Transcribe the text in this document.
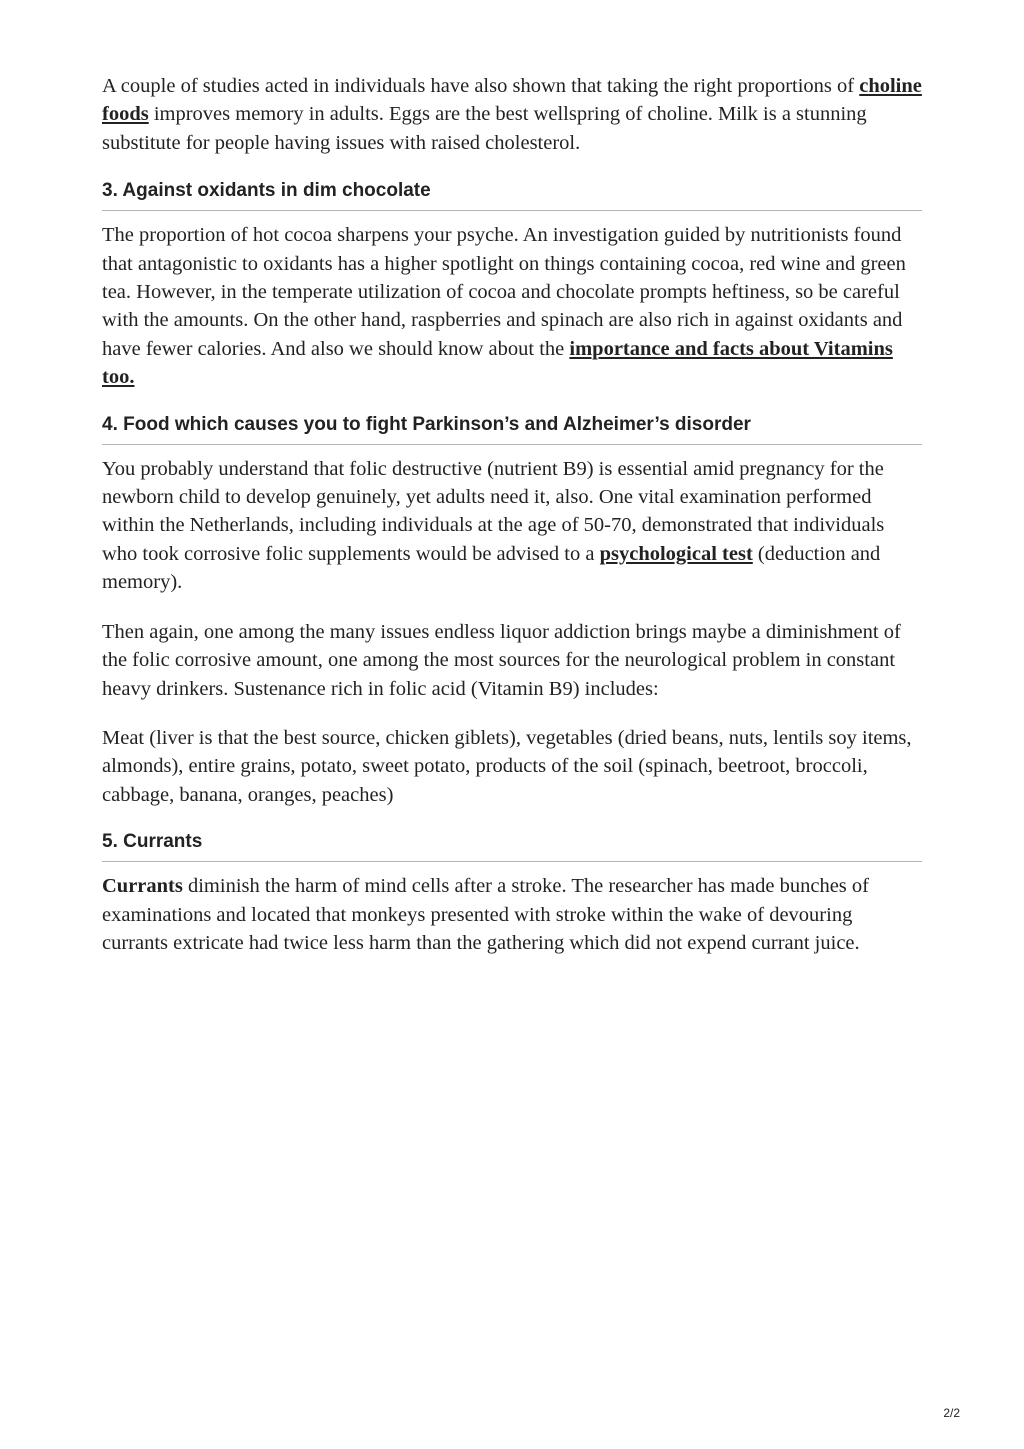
A couple of studies acted in individuals have also shown that taking the right proportions of choline foods improves memory in adults. Eggs are the best wellspring of choline. Milk is a stunning substitute for people having issues with raised cholesterol.

3. Against oxidants in dim chocolate

The proportion of hot cocoa sharpens your psyche. An investigation guided by nutritionists found that antagonistic to oxidants has a higher spotlight on things containing cocoa, red wine and green tea. However, in the temperate utilization of cocoa and chocolate prompts heftiness, so be careful with the amounts. On the other hand, raspberries and spinach are also rich in against oxidants and have fewer calories. And also we should know about the importance and facts about Vitamins too.

4. Food which causes you to fight Parkinson’s and Alzheimer’s disorder

You probably understand that folic destructive (nutrient B9) is essential amid pregnancy for the newborn child to develop genuinely, yet adults need it, also. One vital examination performed within the Netherlands, including individuals at the age of 50-70, demonstrated that individuals who took corrosive folic supplements would be advised to a psychological test (deduction and memory).

Then again, one among the many issues endless liquor addiction brings maybe a diminishment of the folic corrosive amount, one among the most sources for the neurological problem in constant heavy drinkers. Sustenance rich in folic acid (Vitamin B9) includes:

Meat (liver is that the best source, chicken giblets), vegetables (dried beans, nuts, lentils soy items, almonds), entire grains, potato, sweet potato, products of the soil (spinach, beetroot, broccoli, cabbage, banana, oranges, peaches)

5. Currants

Currants diminish the harm of mind cells after a stroke. The researcher has made bunches of examinations and located that monkeys presented with stroke within the wake of devouring currants extricate had twice less harm than the gathering which did not expend currant juice.

2/2
